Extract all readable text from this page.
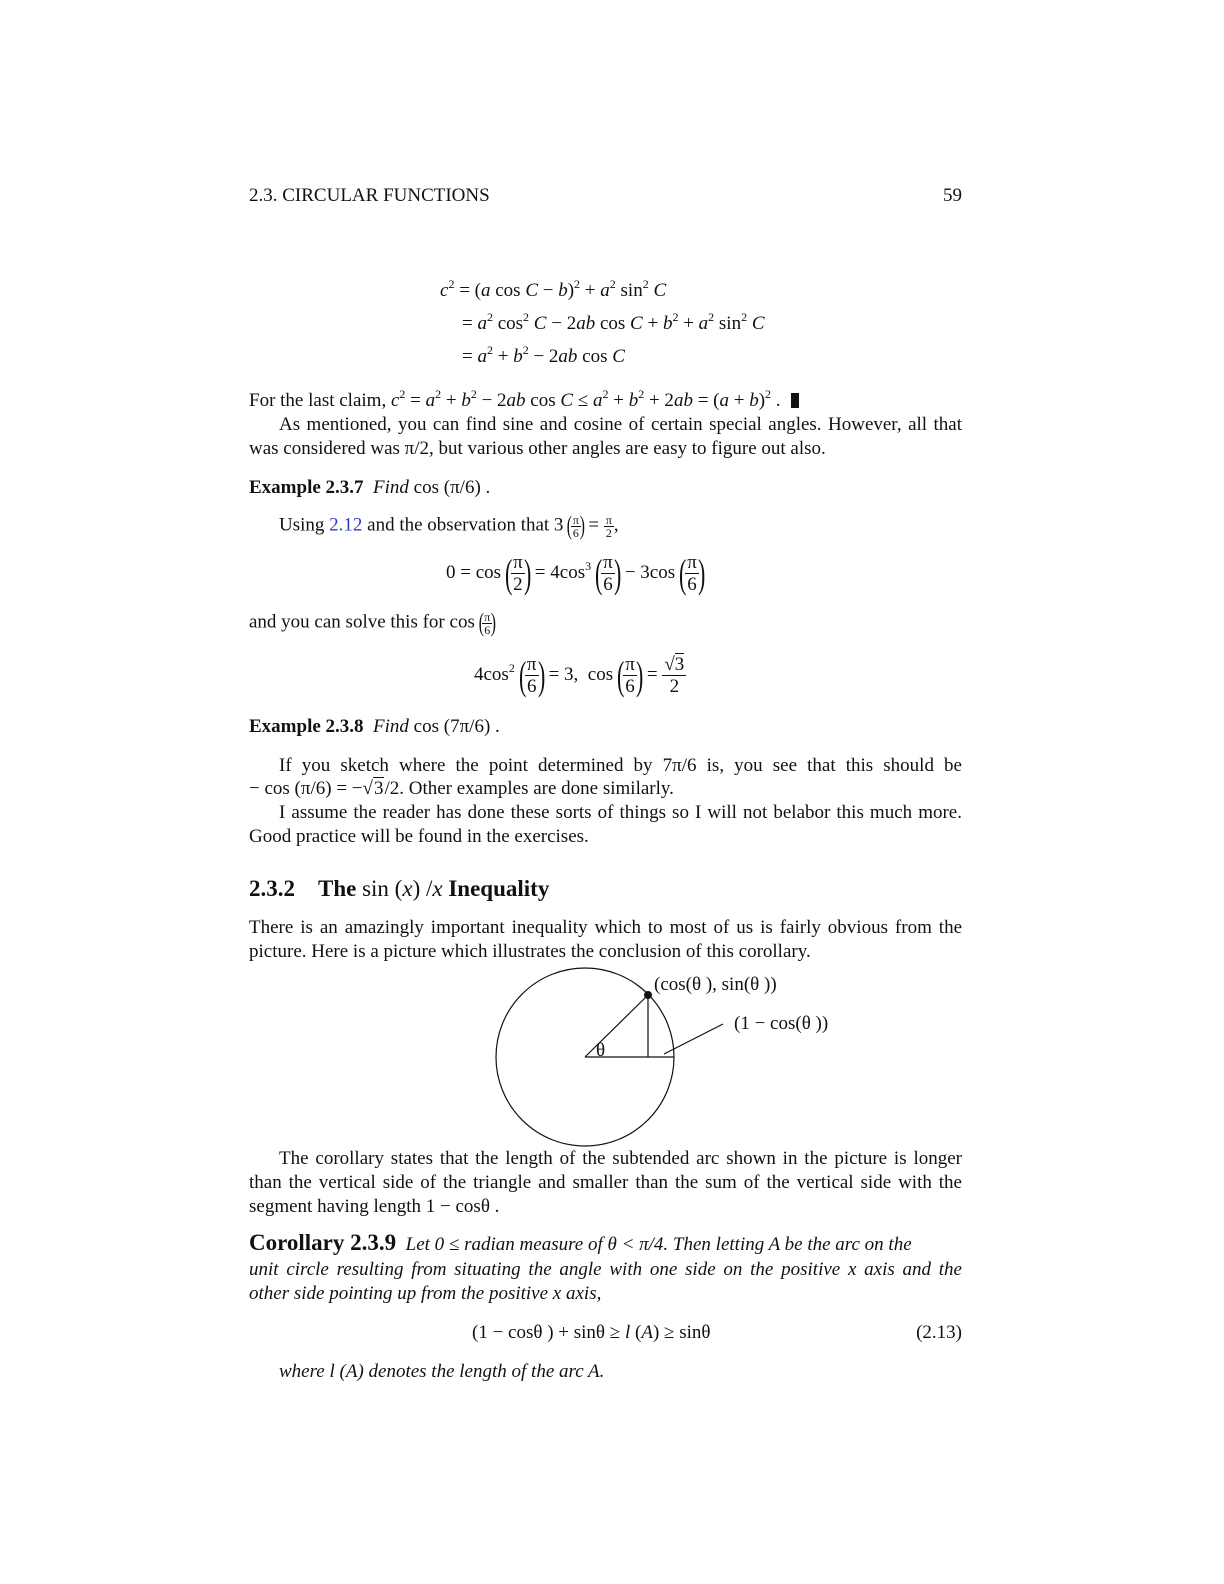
2.3. CIRCULAR FUNCTIONS	59
$c^2 = (a$ $\cos C - b)^2 + a^2$ $\sin^2 C$
= $a^2$ $\cos^2 C - 2ab$ $\cos C + b^2 + a^2$ $\sin^2 C$
= $a^2 + b^2 - 2ab$ cos C
For the last claim, $c^2 = a^2 + b^2 - 2ab$ $\cos C \le a^2 + b^2 + 2ab = (a + b)^2$ .
As mentioned, you can find sine and cosine of certain special angles. However, all that
was considered was π/2, but various other angles are easy to figure out also.
Example 2.3.7 Find cos (π/6) .
Using 2.12 and the observation that 3 (
$\frac{\pi}{6}$
) = $\frac{\pi}{2}$ ,
0 = cos (
$\frac{\pi}{2}$
) = $4\cos^3$ (
$\frac{\pi}{6}$
) − 3cos (
$\frac{\pi}{6}$
)
and you can solve this for cos (
$\frac{\pi}{6}$
)
$4\cos^2$ (
$\frac{\pi}{6}$
) = 3,  cos (
$\frac{\pi}{6}$
) = $\frac{√3}{2}$
Example 2.3.8 Find cos (7π/6) .
If you sketch where the point determined by 7π/6 is, you see that this should be
− cos (π/6) = −√3/2. Other examples are done similarly.
I assume the reader has done these sorts of things so I will not belabor this much more.
Good practice will be found in the exercises.
2.3.2 The sin (x) /x Inequality
There is an amazingly important inequality which to most of us is fairly obvious from the
picture. Here is a picture which illustrates the conclusion of this corollary.
θ
(cos(θ ), sin(θ ))
(1 − cos(θ ))
The corollary states that the length of the subtended arc shown in the picture is longer
than the vertical side of the triangle and smaller than the sum of the vertical side with the
segment having length 1 − cosθ .
Corollary 2.3.9 Let 0 ≤ radian measure of θ < π/4. Then letting A be the arc on the
unit circle resulting from situating the angle with one side on the positive x axis and the
other side pointing up from the positive x axis,
(1 − cosθ ) + sinθ ≥ l (A) ≥ sinθ	(2.13)
where l (A) denotes the length of the arc A.
